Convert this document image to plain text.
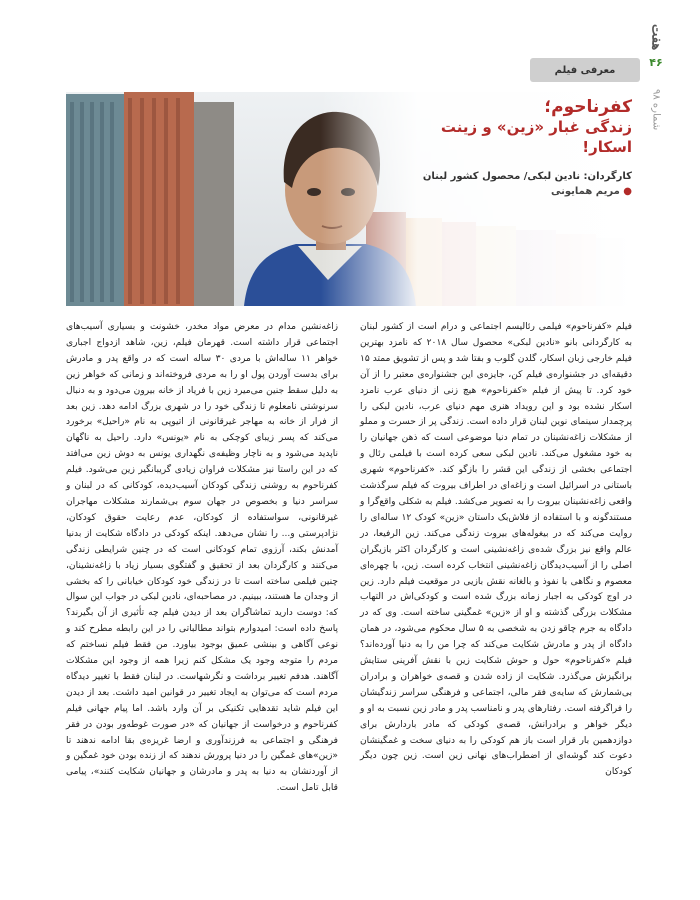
معرفی فیلم
هفت
۴۶
شماره ۹۸
کفرناحوم؛
زندگی غبار «زین» و زینت اسکار!
کارگردان: نادین لبکی/ محصول کشور لبنان
● مریم همایونی

فیلم «کفرناحوم» فیلمی رئالیسم اجتماعی و درام است از کشور لبنان به کارگردانی بانو «نادین لبکی» محصول سال ۲۰۱۸ که نامزد بهترین فیلم خارجی زبان اسکار، گلدن گلوب و بفتا شد و پس از تشویق ممتد ۱۵ دقیقه‌ای در جشنواره‌ی فیلم کن، جایزه‌ی این جشنواره‌ی معتبر را از آن خود کرد. تا پیش از فیلم «کفرناحوم» هیچ زنی از دنیای عرب نامزد اسکار نشده بود و این رویداد هنری مهم دنیای عرب، نادین لبکی را پرچمدار سینمای نوین لبنان قرار داده است. زندگی پر از حسرت و مملو از مشکلات زاغه‌نشینان در تمام دنیا موضوعی است که ذهن جهانیان را به خود مشغول می‌کند. نادین لبکی سعی کرده است با فیلمی رئال و اجتماعی بخشی از زندگی این قشر را بازگو کند. «کفرناحوم» شهری باستانی در اسرائیل است و زاغه‌ای در اطراف بیروت که فیلم سرگذشت واقعی زاغه‌نشینان بیروت را به تصویر می‌کشد. فیلم به شکلی واقع‌گرا و مستندگونه و با استفاده از فلاش‌بک داستان «زین» کودک ۱۲ ساله‌ای را روایت می‌کند که در بیغوله‌های بیروت زندگی می‌کند. زین الرفیعا، در عالم واقع نیز بزرگ شده‌ی زاغه‌نشینی است و کارگردان اکثر بازیگران اصلی را از آسیب‌دیدگان زاغه‌نشینی انتخاب کرده است. زین، با چهره‌ای معصوم و نگاهی با نفوذ و بالغانه نقش بازیی در موقعیت فیلم دارد. زین در اوج کودکی به اجبار زمانه بزرگ شده است و کودکی‌اش در التهاب مشکلات بزرگی گذشته و او از «زین» غمگینی ساخته است. وی که در دادگاه به جرم چاقو زدن به شخصی به ۵ سال محکوم می‌شود، در همان دادگاه از پدر و مادرش شکایت می‌کند که چرا من را به دنیا آورده‌اند؟ فیلم «کفرناحوم» حول و حوش شکایت زین با نقش آفرینی ستایش برانگیزش می‌گذرد. شکایت از زاده شدن و قصه‌ی خواهران و برادران بی‌شمارش که سایه‌ی فقر مالی، اجتماعی و فرهنگی سراسر زندگیشان را فراگرفته است. رفتارهای پدر و نامناسب پدر و مادر زین نسبت به او و دیگر خواهر و برادرانش، قصه‌ی کودکی که مادر باردارش برای دوازدهمین بار قرار است باز هم کودکی را به دنیای سخت و غمگینشان دعوت کند گوشه‌ای از اضطراب‌های نهانی زین است. زین چون دیگر کودکان

زاغه‌نشین مدام در معرض مواد مخدر، خشونت و بسیاری آسیب‌های اجتماعی قرار داشته است. قهرمان فیلم، زین، شاهد ازدواج اجباری خواهر ۱۱ ساله‌اش با مردی ۳۰ ساله است که در واقع پدر و مادرش برای بدست آوردن پول او را به مردی فروخته‌اند و زمانی که خواهر زین به دلیل سقط جنین می‌میرد زین با فریاد از خانه بیرون می‌دود و به دنبال سرنوشتی نامعلوم تا زندگی خود را در شهری بزرگ ادامه دهد. زین بعد از فرار از خانه به مهاجر غیرقانونی از اتیوپی به نام «راحیل» برخورد می‌کند که پسر زیبای کوچکی به نام «یونس» دارد. راحیل به ناگهان ناپدید می‌شود و به ناچار وظیفه‌ی نگهداری یونس به دوش زین می‌افتد که در این راستا نیز مشکلات فراوان زیادی گریبانگیر زین می‌شود. فیلم کفرناحوم به روشنی زندگی کودکان آسیب‌دیده، کودکانی که در لبنان و سراسر دنیا و بخصوص در جهان سوم بی‌شمارند مشکلات مهاجران غیرقانونی، سواستفاده از کودکان، عدم رعایت حقوق کودکان، نژادپرستی و... را نشان می‌دهد. اینکه کودکی در دادگاه شکایت از بدنیا آمدنش بکند، آرزوی تمام کودکانی است که در چنین شرایطی زندگی می‌کنند و کارگردان بعد از تحقیق و گفتگوی بسیار زیاد با زاغه‌نشینان، چنین فیلمی ساخته است تا در زندگی خود کودکان خیابانی را که بخشی از وجدان ما هستند، ببینیم. در مصاحبه‌ای، نادین لبکی در جواب این سوال که: دوست دارید تماشاگران بعد از دیدن فیلم چه تأثیری از آن بگیرند؟ پاسخ داده است: امیدوارم بتواند مطالباتی را در این رابطه مطرح کند و نوعی آگاهی و بینشی عمیق بوجود بیاورد. من فقط فیلم نساختم که مردم را متوجه وجود یک مشکل کنم زیرا همه از وجود این مشکلات آگاهند. هدفم تغییر برداشت و نگرشهاست. در لبنان فقط با تغییر دیدگاه مردم است که می‌توان به ایجاد تغییر در قوانین امید داشت. بعد از دیدن این فیلم شاید تقدهایی تکنیکی بر آن وارد باشد. اما پیام جهانی فیلم کفرناحوم و درخواست از جهانیان که «در صورت غوطه‌ور بودن در فقر فرهنگی و اجتماعی به فرزندآوری و ارضا غریزه‌ی بقا ادامه ندهند تا «زین»های غمگین را در دنیا پرورش ندهند که از زنده بودن خود غمگین و از آوردنشان به دنیا به پدر و مادرشان و جهانیان شکایت کنند»، پیامی قابل تامل است.
